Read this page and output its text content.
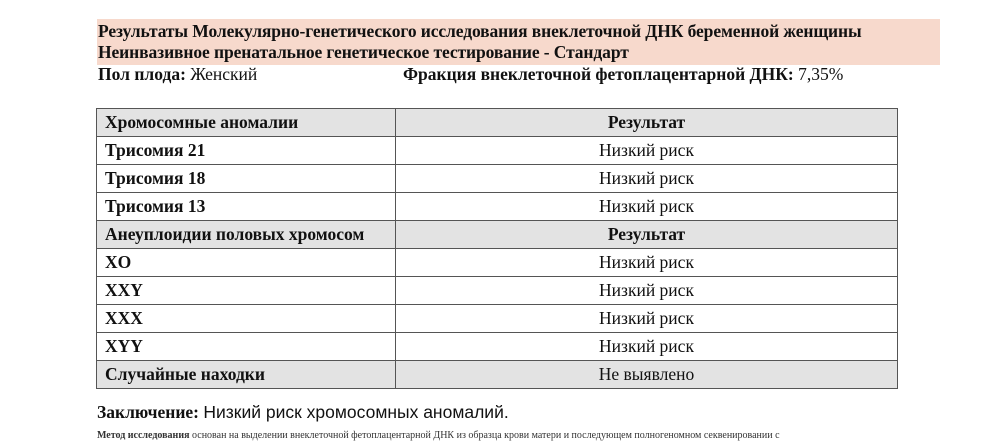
Результаты Молекулярно-генетического исследования внеклеточной ДНК беременной женщины
Неинвазивное пренатальное генетическое тестирование - Стандарт
Пол плода: Женский	Фракция внеклеточной фетоплацентарной ДНК: 7,35%
Хромосомные аномалии	Результат
Трисомия 21	Низкий риск
Трисомия 18	Низкий риск
Трисомия 13	Низкий риск
Анеуплоидии половых хромосом	Результат
XO	Низкий риск
XXY	Низкий риск
XXX	Низкий риск
XYY	Низкий риск
Случайные находки	Не выявлено
Заключение: Низкий риск хромосомных аномалий.
Метод исследования основан на выделении внеклеточной фетоплацентарной ДНК из образца крови матери и последующем полногеномном секвенировании с
